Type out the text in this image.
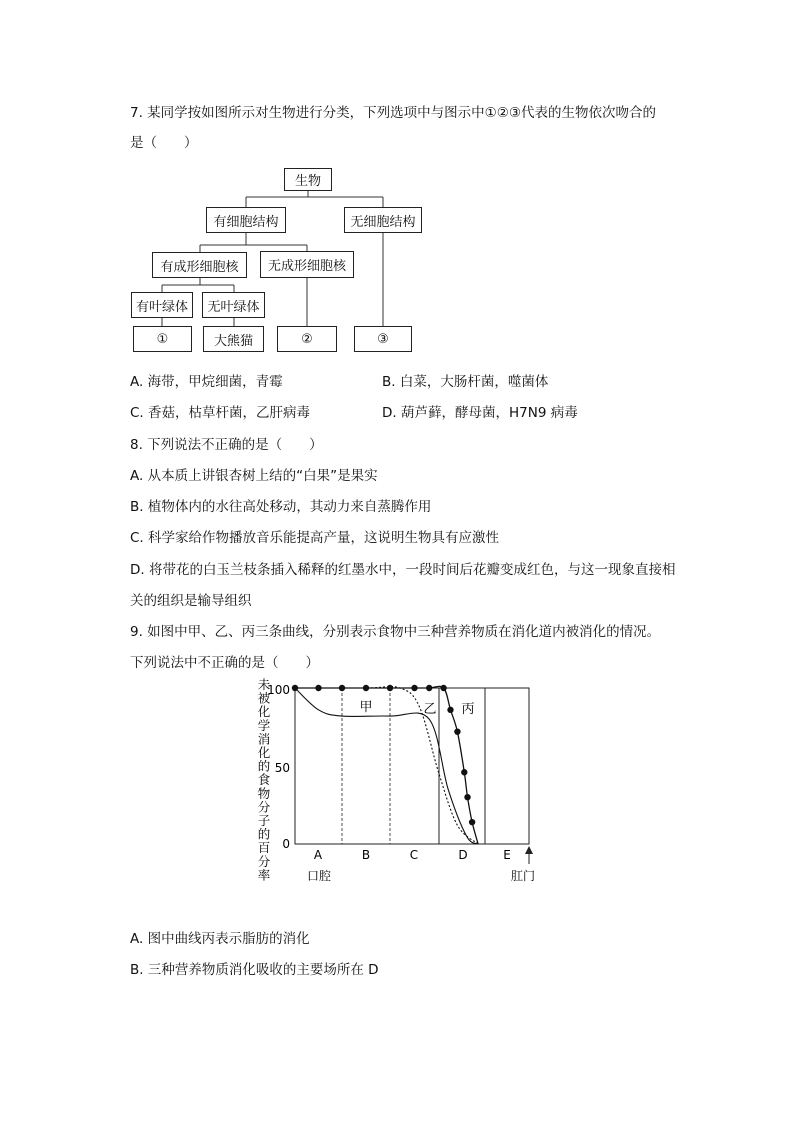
7. 某同学按如图所示对生物进行分类，下列选项中与图示中①②③代表的生物依次吻合的
是（　　）
生物
有细胞结构	无细胞结构
有成形细胞核	无成形细胞核
有叶绿体	无叶绿体
①	大熊猫	②	③
A. 海带，甲烷细菌，青霉	B. 白菜，大肠杆菌，噬菌体
C. 香菇，枯草杆菌，乙肝病毒	D. 葫芦藓，酵母菌，H7N9 病毒
8. 下列说法不正确的是（　　）
A. 从本质上讲银杏树上结的“白果”是果实
B. 植物体内的水往高处移动，其动力来自蒸腾作用
C. 科学家给作物播放音乐能提高产量，这说明生物具有应激性
D. 将带花的白玉兰枝条插入稀释的红墨水中，一段时间后花瓣变成红色，与这一现象直接相
关的组织是输导组织
9. 如图中甲、乙、丙三条曲线，分别表示食物中三种营养物质在消化道内被消化的情况。
下列说法中不正确的是（　　）
未
被
化
学
消
化
的
食
物
分
子
的
百
分
率
100
50
0
甲	乙 丙
A	B	C	D	E
口腔	肛门
A. 图中曲线丙表示脂肪的消化
B. 三种营养物质消化吸收的主要场所在 D
